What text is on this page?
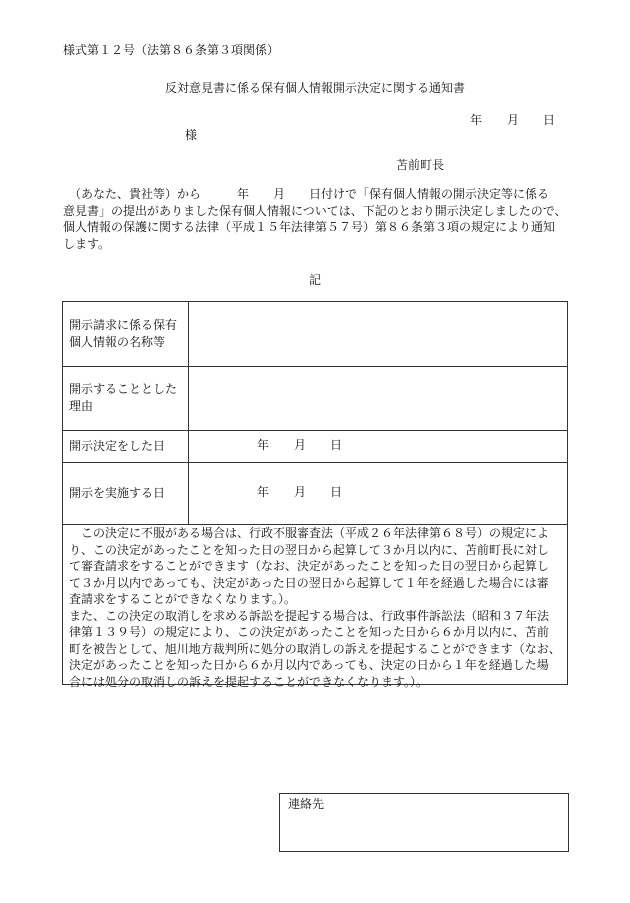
様式第１２号（法第８６条第３項関係）
反対意見書に係る保有個人情報開示決定に関する通知書
年 月 日
様
苫前町長
　（あなた、貴社等）から　　　年　　月　　日付けで「保有個人情報の開示決定等に係る
意見書」の提出がありました保有個人情報については、下記のとおり開示決定しましたので、
個人情報の保護に関する法律（平成１５年法律第５７号）第８６条第３項の規定により通知
します。
記
開示請求に係る保有
個人情報の名称等
開示することとした
理由
開示決定をした日	年	月	日
開示を実施する日	年	月	日
　この決定に不服がある場合は、行政不服審査法（平成２６年法律第６８号）の規定によ
り、この決定があったことを知った日の翌日から起算して３か月以内に、苫前町長に対し
て審査請求をすることができます（なお、決定があったことを知った日の翌日から起算し
て３か月以内であっても、決定があった日の翌日から起算して１年を経過した場合には審
査請求をすることができなくなります。）。
また、この決定の取消しを求める訴訟を提起する場合は、行政事件訴訟法（昭和３７年法
律第１３９号）の規定により、この決定があったことを知った日から６か月以内に、苫前
町を被告として、旭川地方裁判所に処分の取消しの訴えを提起することができます（なお、
決定があったことを知った日から６か月以内であっても、決定の日から１年を経過した場
合には処分の取消しの訴えを提起することができなくなります。）。
連絡先
